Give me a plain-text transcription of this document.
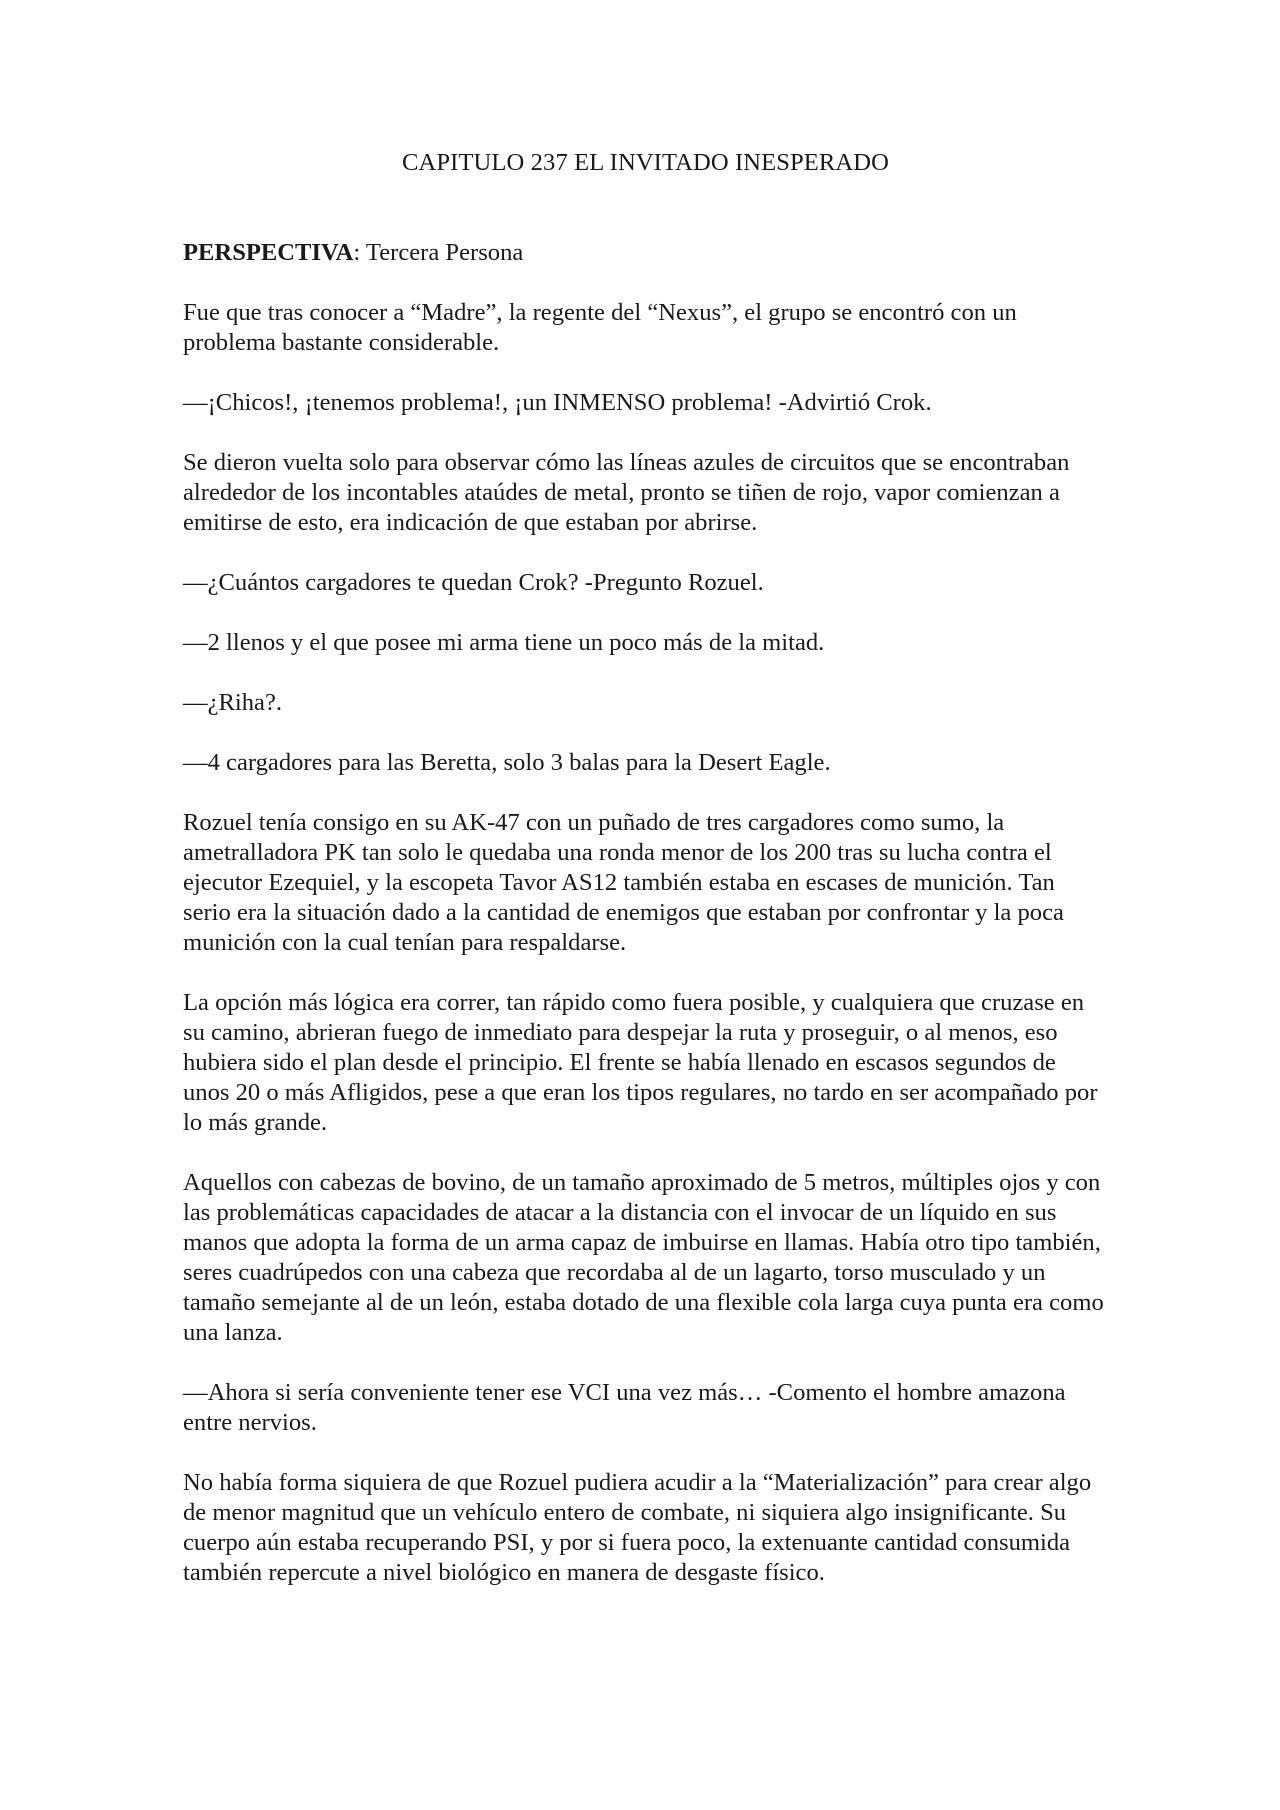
CAPITULO 237 EL INVITADO INESPERADO
PERSPECTIVA: Tercera Persona
Fue que tras conocer a “Madre”, la regente del “Nexus”, el grupo se encontró con un problema bastante considerable.
—¡Chicos!, ¡tenemos problema!, ¡un INMENSO problema! -Advirtió Crok.
Se dieron vuelta solo para observar cómo las líneas azules de circuitos que se encontraban alrededor de los incontables ataúdes de metal, pronto se tiñen de rojo, vapor comienzan a emitirse de esto, era indicación de que estaban por abrirse.
—¿Cuántos cargadores te quedan Crok? -Pregunto Rozuel.
—2 llenos y el que posee mi arma tiene un poco más de la mitad.
—¿Riha?.
—4 cargadores para las Beretta, solo 3 balas para la Desert Eagle.
Rozuel tenía consigo en su AK-47 con un puñado de tres cargadores como sumo, la ametralladora PK tan solo le quedaba una ronda menor de los 200 tras su lucha contra el ejecutor Ezequiel, y la escopeta Tavor AS12 también estaba en escases de munición. Tan serio era la situación dado a la cantidad de enemigos que estaban por confrontar y la poca munición con la cual tenían para respaldarse.
La opción más lógica era correr, tan rápido como fuera posible, y cualquiera que cruzase en su camino, abrieran fuego de inmediato para despejar la ruta y proseguir, o al menos, eso hubiera sido el plan desde el principio. El frente se había llenado en escasos segundos de unos 20 o más Afligidos, pese a que eran los tipos regulares, no tardo en ser acompañado por lo más grande.
Aquellos con cabezas de bovino, de un tamaño aproximado de 5 metros, múltiples ojos y con las problemáticas capacidades de atacar a la distancia con el invocar de un líquido en sus manos que adopta la forma de un arma capaz de imbuirse en llamas. Había otro tipo también, seres cuadrúpedos con una cabeza que recordaba al de un lagarto, torso musculado y un tamaño semejante al de un león, estaba dotado de una flexible cola larga cuya punta era como una lanza.
—Ahora si sería conveniente tener ese VCI una vez más… -Comento el hombre amazona entre nervios.
No había forma siquiera de que Rozuel pudiera acudir a la “Materialización” para crear algo de menor magnitud que un vehículo entero de combate, ni siquiera algo insignificante. Su cuerpo aún estaba recuperando PSI, y por si fuera poco, la extenuante cantidad consumida también repercute a nivel biológico en manera de desgaste físico.
